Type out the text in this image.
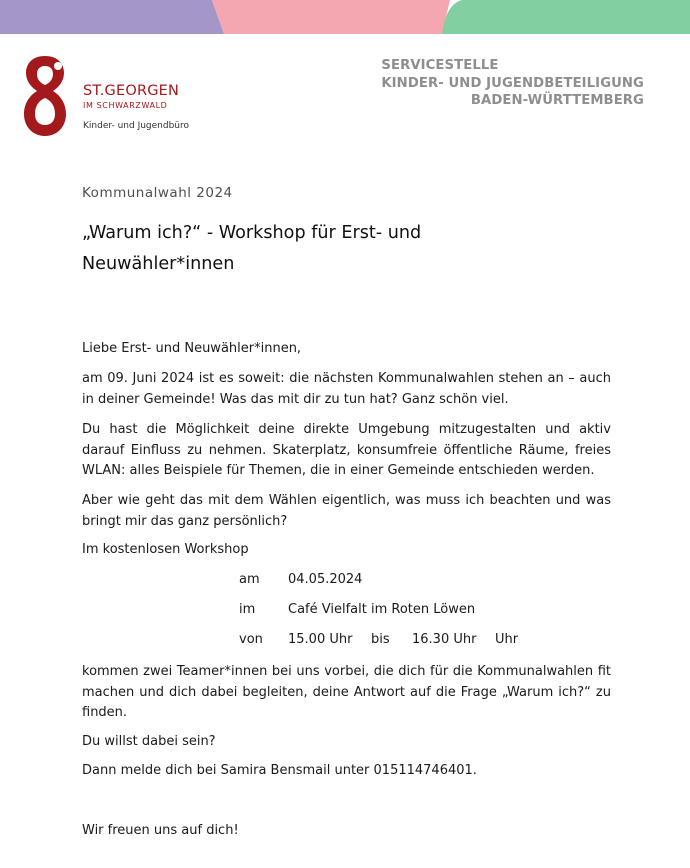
ST.GEORGEN
IM SCHWARZWALD
Kinder- und Jugendbüro
SERVICESTELLE
KINDER- UND JUGENDBETEILIGUNG
BADEN-WÜRTTEMBERG
Kommunalwahl 2024
„Warum ich?“ - Workshop für Erst- und Neuwähler*innen
Liebe Erst- und Neuwähler*innen,
am 09. Juni 2024 ist es soweit: die nächsten Kommunalwahlen stehen an – auch in deiner Gemeinde! Was das mit dir zu tun hat? Ganz schön viel.
Du hast die Möglichkeit deine direkte Umgebung mitzugestalten und aktiv darauf Einfluss zu nehmen. Skaterplatz, konsumfreie öffentliche Räume, freies WLAN: alles Beispiele für Themen, die in einer Gemeinde entschieden werden.
Aber wie geht das mit dem Wählen eigentlich, was muss ich beachten und was bringt mir das ganz persönlich?
Im kostenlosen Workshop
am 04.05.2024
im	Café Vielfalt im Roten Löwen
von 15.00 Uhr bis 16.30 Uhr Uhr
kommen zwei Teamer*innen bei uns vorbei, die dich für die Kommunalwahlen fit machen und dich dabei begleiten, deine Antwort auf die Frage „Warum ich?“ zu finden.
Du willst dabei sein?
Dann melde dich bei Samira Bensmail unter 015114746401.
Wir freuen uns auf dich!
